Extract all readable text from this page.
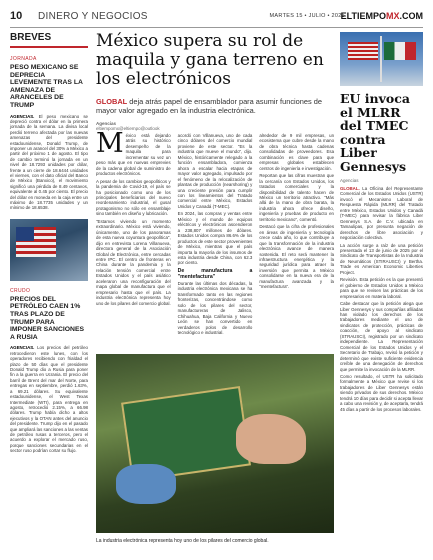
10 DINERO Y NEGOCIOS	MARTES 15 • JULIO • 2025
ELTIEMPOMX.COM
BREVES
JORNADA
PESO MEXICANO SE DEPRECIA LEVEMENTE TRAS LA AMENAZA DE ARANCELES DE TRUMP
AGENCIAS. El peso mexicano se depreció contra el dólar en la primera jornada de la semana. La divisa local perdió terreno afectada por las nuevas amenazas del presidente estadounidense, Donald Trump, de imponer un arancel del 30% a México a partir del próximo 1 de agosto. El tipo de cambio terminó la jornada en un nivel de 18.7293 unidades por dólar, frente a un cierre de 18.6444 unidades el viernes, con el dato oficial del Banco de México (Banxico), el movimiento significó una pérdida de 8.49 centavos, equivalente al 0.45 por ciento. El precio del dólar en moneda en la caja entre un máximo de 18.7735 unidades y un mínimo de 18.6538.
CRUDO
PRECIOS DEL PETRÓLEO CAEN 1% TRAS PLAZO DE TRUMP PARA IMPONER SANCIONES A RUSIA
AGENCIAS. Los precios del petróleo retrocedieron este lunes, con los operadores recibiendo con frialdad el plazo de 50 días que el presidente Donald Trump dio a Rusia para poner fin a la guerra en Ucrania. El precio del barril de Brent del mar del Norte, para entregas en septiembre, perdió 1.63%, a 69.21 dólares. Su equivalente estadounidense, el West Texas Intermediate (WTI), para entrega en agosto, retrocedió 2.15%, a 66.98 dólares. Trump había dicho a altos ejecutivos y la OTAN antes del anuncio del presidente. Trump dijo en el pasado que ampliará las sanciones a las ventas de petróleo rusas a terceros, pero el acuerdo a explorar el mercado ruso, porque sanciones secundarias en el sector ruso podrían cortar su flujo.
México supera su rol de maquila y gana terreno en los electrónicos
GLOBAL deja atrás papel de ensamblador para asumir funciones de mayor valor agregado en la industria electrónica.
Agencias
eltiempomx@eltiempo@outlook

México está dejando atrás su histórico desempeño de la maquila para incrementar su vez un peso más que en nuevas emprevies de la cadena global de suministro de productos electrónicos.

A pesar de los cambios geopolíticos y la pandemia de Covid-19, el país se ha posicionado como uno de los principales beneficiarios del nuevo reordenamiento industrial, el gusal protagonismo no sólo en ensamblaje sino también en diseño y lubricación.

"Estamos viviendo un momento extraordinario. México está viviendo, únicamente, uno de los panoramas de esta nueva coyuntura geopolítica", dijo en entrevista Lorena Villanueva, directora general de la Asociación Global de Electrónica, entre cercadas entre IPC. El centro de fronteras en China durante la pandemia y la relación tensión comercial entre Estados Unidos y el país asiático aceleraron una reconfiguración del mapa global de manufactura que el empresario hasta que el país. La industria electrónica representa hoy uno de los pilares del comercio global.

acordó con Villanueva, uno de cada cinco dólares del comercio mundial proviene de este sector. "Es la industria que mueve el mundo", dijo. México, históricamente relegado a la función ensambladora, comienza ahora a escalar hacia etapas de mayor valor agregado, impulsado por el fenómeno de la relocalización de plantas de producción (nearshoring) y una creciente presión para cumplir con los lineamientos del Tratado comercial entre México, Estados Unidos y Canadá (T-MEC).

En 2024, las compras y ventas entre México y el mundo de equipos eléctricos y electrónicos ascendieron a 238,807 millones de dólares. Estados Unidos compra 86.6% de los productos de este sector provenientes de México, mientras que el país importa la mayoría de los insumos de esta industria desde China, con 62.3 por ciento.

De manufactura a "mentefactura"

Durante las últimas dos décadas, la industria electrónica mexicana se ha transformado tanto en las regiones fronterizas, concentrándose como solo de los pilares del sector, manufactureras de Jalisco, Chihuahua, Baja California y Nuevo León se han convertido en verdaderos polos de desarrollo tecnológico e industrial.

alrededor de 9 mil empresas, un ecosistema que cubre desde la mano de obra técnica hasta cadenas consolidadas de proveedores. Esa combinación es clave para que empresas globales establecen centros de ingeniería e investigación.

Reportan que las cifras muestran que la cercanía con Estados Unidos, los tratados comerciales y la disponibilidad de talento hacen de México un territorio atractivo. "Más allá de la mano de obra barata, la industria ahora ofrece diseño, ingeniería y pruebas de producto en territorio mexicano", comentó.

Destacó que la cifra de profesionales en áreas de ingeniería y tecnología crece cada año, lo que contribuye a que la transformación de la industria electrónica avance de manera sostenida. El reto será mantener la infraestructura energética y la seguridad jurídica para atraer la inversión que permita a México consolidarse en la nueva era de la manufactura avanzada y la "mentefactura".

La industria electrónica representa hoy uno de los pilares del comercio global.
EU invoca el MLRR del TMEC contra Liber Gennesys
Agencias

GLOBAL. La Oficina del Representante Comercial de los Estados Unidos (USTR) invocó el Mecanismo Laboral de Respuesta Rápida (MLRR) del Tratado entre México, Estados Unidos y Canadá (T-MEC) para revisar la fábrica Liber Gennesys S.A. de C.V. ubicada en Tamaulipas, por presunta negación de derechos de libre asociación y negociación colectiva.

La acción surge a raíz de una petición presentada el 13 de junio de 2025 por el Sindicato de Transportistas de la Industria de Neumáticos (STIRAUSCI) y Bertha. Trade es American Economic Liberties Project.

Revisión. Esta petición es la que presentó el gobierno de Estados Unidos a México para que se revisen las prácticas de los empresarios en materia laboral.

Cabe destacar que la petición alega que Liber Gennesys y sus compañías afiliadas han violado los derechos de los trabajadores mediante el uso de sindicatos de protección, prácticas de coacción, de apoyo al sindicato (STRAUSCI), registrado por un sindicato independiente. La Representación Comercial de los Estados Unidos y el Secretario de Trabajo, revisó la petición y determinó que existe suficiente evidencia creíble de una denegación de derechos que permite la invocación de la MLRR.

Como resultado, el USTR ha solicitado formalmente a México que revise si los trabajadores de Liber Gennesys están siendo privados de sus derechos. México tendrá 10 días para decidir si acepta llevar a cabo una revisión y, de aceptarla, tendrá 45 días a partir de los procesos laborales.
